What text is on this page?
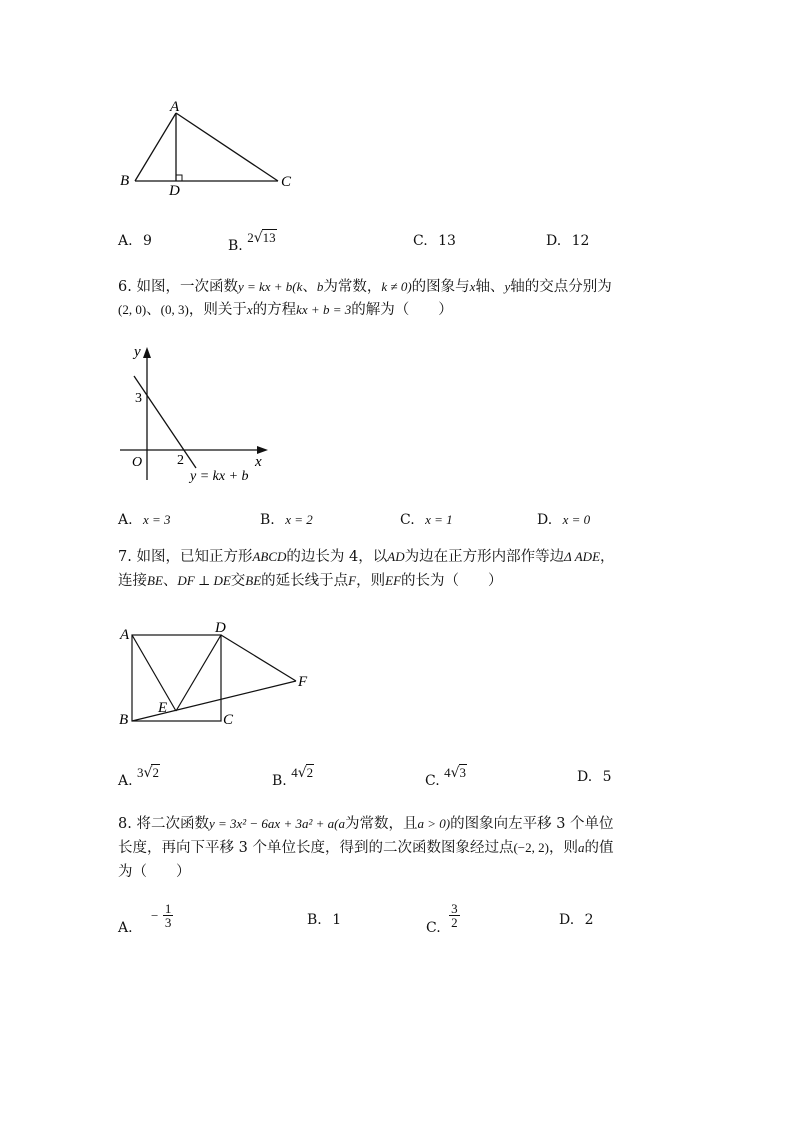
A
B
D
C
A. 9	B. 2√13	C. 13	D. 12
6. 如图，一次函数y = kx + b(k、b为常数，k ≠ 0)的图象与x轴、y轴的交点分别为
(2, 0)、(0, 3)，则关于x的方程kx + b = 3的解为（　　）
y
3
O 2	x
y = kx + b
A. x = 3	B. x = 2	C. x = 1	D. x = 0
7. 如图，已知正方形ABCD的边长为 4，以AD为边在正方形内部作等边Δ ADE，
连接BE、DF ⊥ DE交BE的延长线于点F，则EF的长为（　　）
A	D
F
E
B	C
A. 3√2
B. 4√2
C. 4√3	D. 5
8. 将二次函数y = 3x² − 6ax + 3a² + a(a为常数，且a > 0)的图象向左平移 3 个单位
长度，再向下平移 3 个单位长度，得到的二次函数图象经过点(−2, 2)，则a的值
为（　　）
A. − $\frac{1}{3}$	B. 1	C. $\frac{3}{2}$	D. 2
